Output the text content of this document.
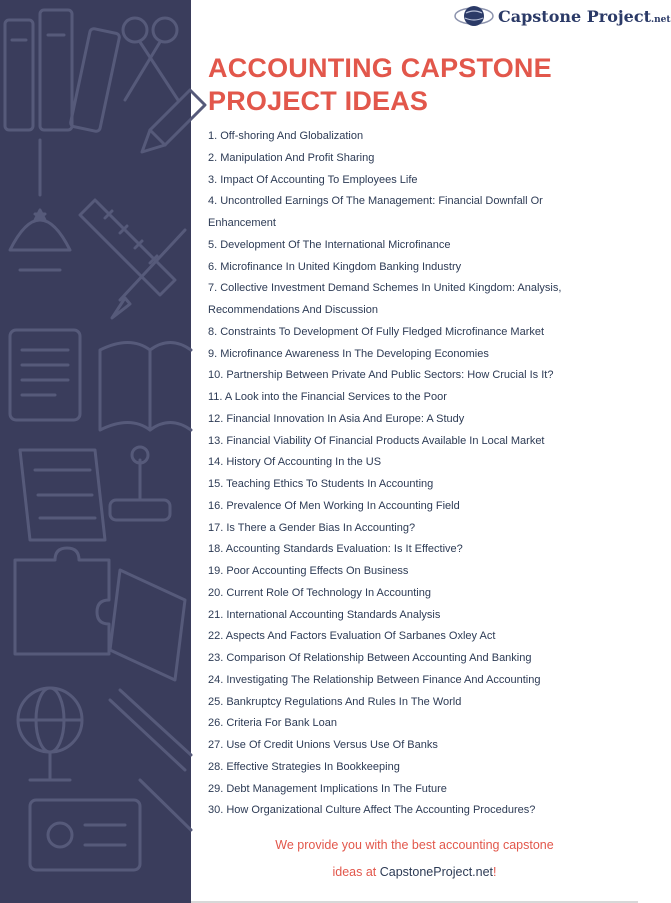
Capstone Project.net
ACCOUNTING CAPSTONE PROJECT IDEAS
1. Off-shoring And Globalization
2. Manipulation And Profit Sharing
3. Impact Of Accounting To Employees Life
4. Uncontrolled Earnings Of The Management: Financial Downfall Or
Enhancement
5. Development Of The International Microfinance
6. Microfinance In United Kingdom Banking Industry
7. Collective Investment Demand Schemes In United Kingdom: Analysis,
Recommendations And Discussion
8. Constraints To Development Of Fully Fledged Microfinance Market
9. Microfinance Awareness In The Developing Economies
10. Partnership Between Private And Public Sectors: How Crucial Is It?
11. A Look into the Financial Services to the Poor
12. Financial Innovation In Asia And Europe: A Study
13. Financial Viability Of Financial Products Available In Local Market
14. History Of Accounting In the US
15. Teaching Ethics To Students In Accounting
16. Prevalence Of Men Working In Accounting Field
17. Is There a Gender Bias In Accounting?
18. Accounting Standards Evaluation: Is It Effective?
19. Poor Accounting Effects On Business
20. Current Role Of Technology In Accounting
21. International Accounting Standards Analysis
22. Aspects And Factors Evaluation Of Sarbanes Oxley Act
23. Comparison Of Relationship Between Accounting And Banking
24. Investigating The Relationship Between Finance And Accounting
25. Bankruptcy Regulations And Rules In The World
26. Criteria For Bank Loan
27. Use Of Credit Unions Versus Use Of Banks
28. Effective Strategies In Bookkeeping
29. Debt Management Implications In The Future
30. How Organizational Culture Affect The Accounting Procedures?
We provide you with the best accounting capstone
ideas at CapstoneProject.net!
